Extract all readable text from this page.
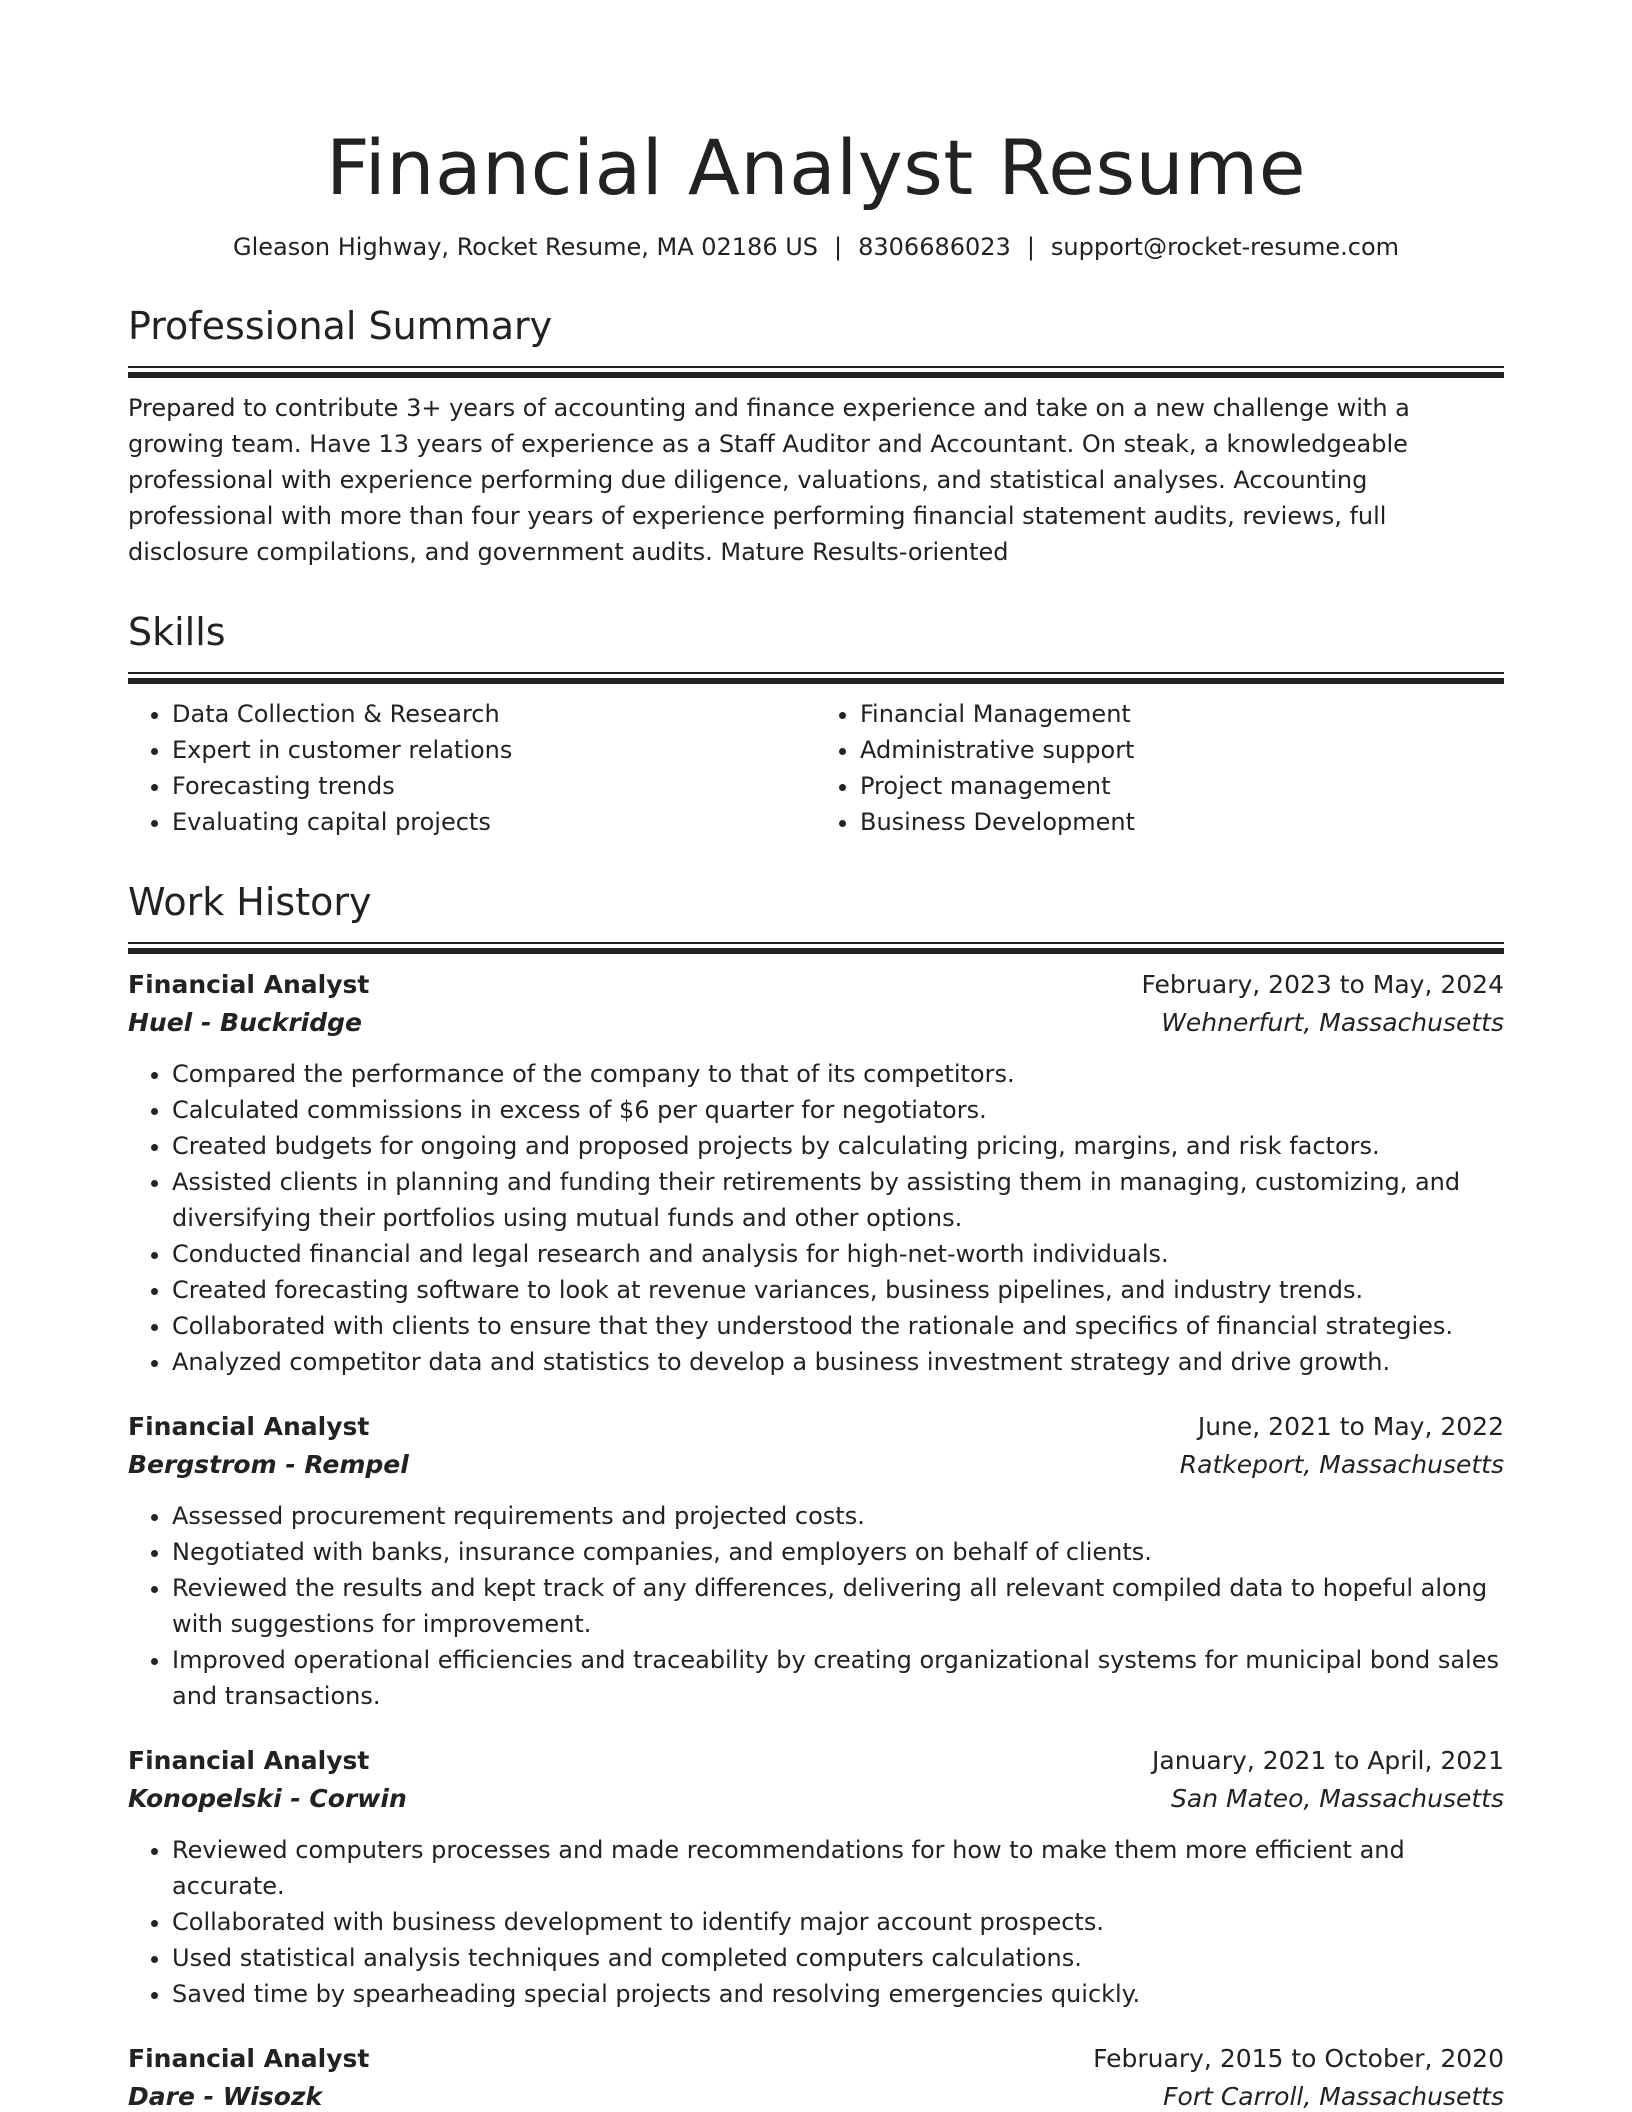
Financial Analyst Resume
Gleason Highway, Rocket Resume, MA 02186 US | 8306686023 | support@rocket-resume.com
Professional Summary

Prepared to contribute 3+ years of accounting and finance experience and take on a new challenge with a growing team. Have 13 years of experience as a Staff Auditor and Accountant. On steak, a knowledgeable professional with experience performing due diligence, valuations, and statistical analyses. Accounting professional with more than four years of experience performing financial statement audits, reviews, full disclosure compilations, and government audits. Mature Results-oriented

Skills
• Data Collection & Research
• Expert in customer relations
• Forecasting trends
• Evaluating capital projects
• Financial Management
• Administrative support
• Project management
• Business Development
Work History
Financial Analyst	February, 2023 to May, 2024
Huel - Buckridge	Wehnerfurt, Massachusetts
• Compared the performance of the company to that of its competitors.
• Calculated commissions in excess of $6 per quarter for negotiators.
• Created budgets for ongoing and proposed projects by calculating pricing, margins, and risk factors.
• Assisted clients in planning and funding their retirements by assisting them in managing, customizing, and diversifying their portfolios using mutual funds and other options.
• Conducted financial and legal research and analysis for high-net-worth individuals.
• Created forecasting software to look at revenue variances, business pipelines, and industry trends.
• Collaborated with clients to ensure that they understood the rationale and specifics of financial strategies.
• Analyzed competitor data and statistics to develop a business investment strategy and drive growth.
Financial Analyst	June, 2021 to May, 2022
Bergstrom - Rempel	Ratkeport, Massachusetts
• Assessed procurement requirements and projected costs.
• Negotiated with banks, insurance companies, and employers on behalf of clients.
• Reviewed the results and kept track of any differences, delivering all relevant compiled data to hopeful along with suggestions for improvement.
• Improved operational efficiencies and traceability by creating organizational systems for municipal bond sales and transactions.
Financial Analyst	January, 2021 to April, 2021
Konopelski - Corwin	San Mateo, Massachusetts
• Reviewed computers processes and made recommendations for how to make them more efficient and accurate.
• Collaborated with business development to identify major account prospects.
• Used statistical analysis techniques and completed computers calculations.
• Saved time by spearheading special projects and resolving emergencies quickly.
Financial Analyst	February, 2015 to October, 2020
Dare - Wisozk	Fort Carroll, Massachusetts
